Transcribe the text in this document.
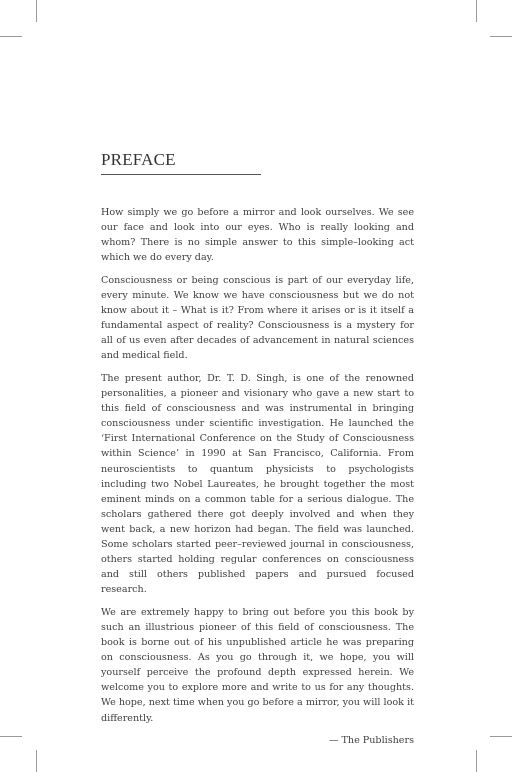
PREFACE

How simply we go before a mirror and look ourselves. We see our face and look into our eyes. Who is really looking and whom? There is no simple answer to this simple–looking act which we do every day.

Consciousness or being conscious is part of our everyday life, every minute. We know we have consciousness but we do not know about it – What is it? From where it arises or is it itself a fundamental aspect of reality? Consciousness is a mystery for all of us even after decades of advancement in natural sciences and medical field.

The present author, Dr. T. D. Singh, is one of the renowned personalities, a pioneer and visionary who gave a new start to this field of consciousness and was instrumental in bringing consciousness under scientific investigation. He launched the ‘First International Conference on the Study of Consciousness within Science’ in 1990 at San Francisco, California. From neuroscientists to quantum physicists to psychologists including two Nobel Laureates, he brought together the most eminent minds on a common table for a serious dialogue. The scholars gathered there got deeply involved and when they went back, a new horizon had began. The field was launched. Some scholars started peer–reviewed journal in consciousness, others started holding regular conferences on consciousness and still others published papers and pursued focused research.

We are extremely happy to bring out before you this book by such an illustrious pioneer of this field of consciousness. The book is borne out of his unpublished article he was preparing on consciousness. As you go through it, we hope, you will yourself perceive the profound depth expressed herein. We welcome you to explore more and write to us for any thoughts. We hope, next time when you go before a mirror, you will look it differently.

— The Publishers
